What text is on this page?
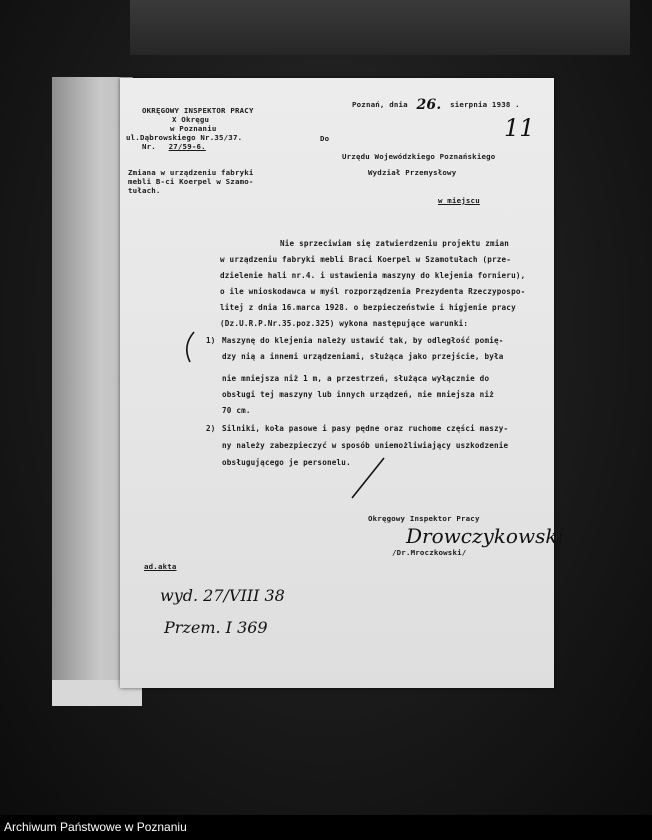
OKRĘGOWY INSPEKTOR PRACY
X Okręgu
w Poznaniu
ul.Dąbrowskiego Nr.35/37.
Nr. 27/59-6.
Poznań, dnia 26. sierpnia 1938 .
11
Do
Urzędu Wojewódzkiego Poznańskiego
Wydział Przemysłowy
w miejscu
Zmiana w urządzeniu fabryki
mebli B-ci Koerpel w Szamo-
tułach.
Nie sprzeciwiam się zatwierdzeniu projektu zmian
w urządzeniu fabryki mebli Braci Koerpel w Szamotułach (prze-
dzielenie hali nr.4. i ustawienia maszyny do klejenia fornieru),
o ile wnioskodawca w myśl rozporządzenia Prezydenta Rzeczypospo-
litej z dnia 16.marca 1928. o bezpieczeństwie i higjenie pracy
(Dz.U.R.P.Nr.35.poz.325) wykona następujące warunki:
1) Maszynę do klejenia należy ustawić tak, by odległość pomię-
dzy nią a innemi urządzeniami, służąca jako przejście, była
nie mniejsza niż 1 m, a przestrzeń, służąca wyłącznie do
obsługi tej maszyny lub innych urządzeń, nie mniejsza niż
70 cm.
2) Silniki, koła pasowe i pasy pędne oraz ruchome części maszy-
ny należy zabezpieczyć w sposób uniemożliwiający uszkodzenie
obsługującego je personelu.
Okręgowy Inspektor Pracy
Drowczykowski
/Dr.Mroczkowski/
ad.akta
wyd. 27/VIII 38
Przem. I 369
Archiwum Państwowe w Poznaniu
